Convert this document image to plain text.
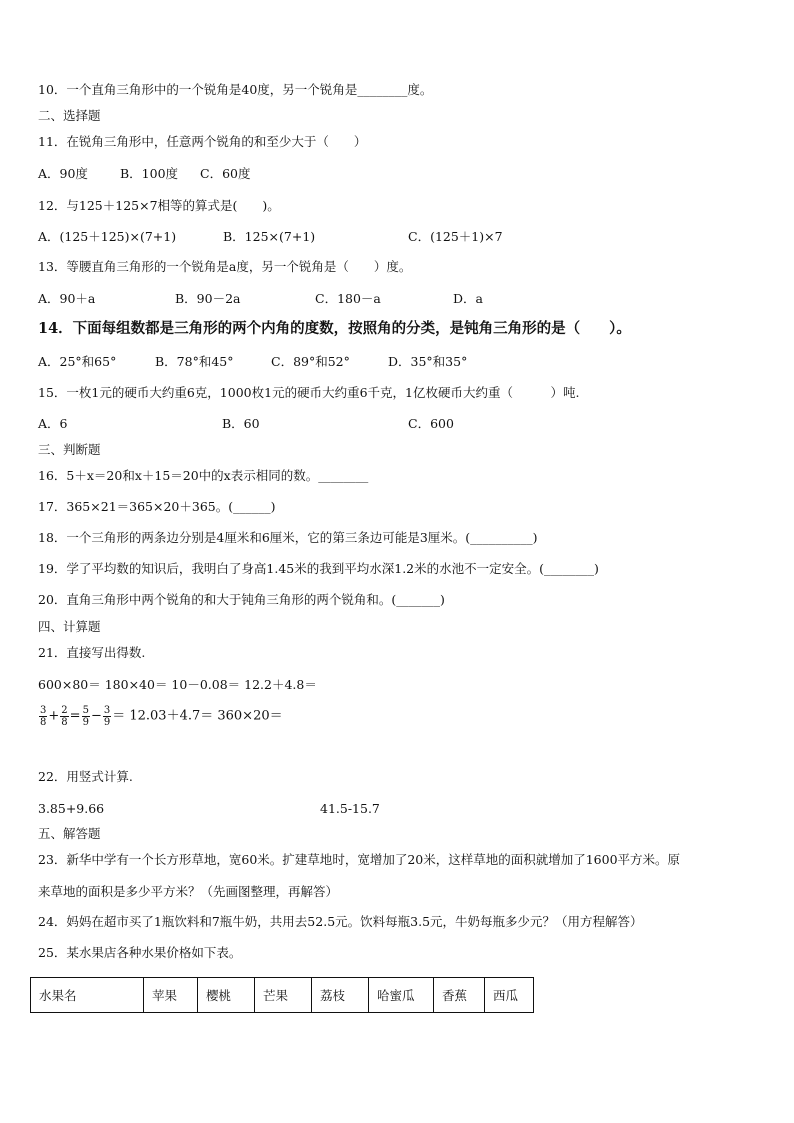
10．一个直角三角形中的一个锐角是40度，另一个锐角是________度。
二、选择题
11．在锐角三角形中，任意两个锐角的和至少大于（　　）
A．90度	B．100度 C．60度
12．与125＋125×7相等的算式是(　　)。
A．(125＋125)×(7+1)	B．125×(7+1)	C．(125＋1)×7
13．等腰直角三角形的一个锐角是a度，另一个锐角是（　　）度。
A．90＋a	B．90－2a	C．180－a	D．a
14．下面每组数都是三角形的两个内角的度数，按照角的分类，是钝角三角形的是（　　）。
A．25°和65°	B．78°和45°	C．89°和52°	D．35°和35°
15．一枚1元的硬币大约重6克，1000枚1元的硬币大约重6千克，1亿枚硬币大约重（　　　）吨.
A．6	B．60	C．600
三、判断题
16．5＋x＝20和x＋15＝20中的x表示相同的数。________
17．365×21＝365×20＋365。(______)
18．一个三角形的两条边分别是4厘米和6厘米，它的第三条边可能是3厘米。(__________)
19．学了平均数的知识后，我明白了身高1.45米的我到平均水深1.2米的水池不一定安全。(________)
20．直角三角形中两个锐角的和大于钝角三角形的两个锐角和。(_______)
四、计算题
21．直接写出得数.
600×80＝ 180×40＝ 10－0.08＝ 12.2＋4.8＝
$\frac{3}{8} + \frac{2}{8} = \frac{5}{9} - \frac{3}{9} = 12.03+4.7= 360\times 20=$
22．用竖式计算.
3.85+9.66	41.5-15.7
五、解答题
23．新华中学有一个长方形草地，宽60米。扩建草地时，宽增加了20米，这样草地的面积就增加了1600平方米。原
来草地的面积是多少平方米？（先画图整理，再解答）
24．妈妈在超市买了1瓶饮料和7瓶牛奶，共用去52.5元。饮料每瓶3.5元，牛奶每瓶多少元？（用方程解答）
25．某水果店各种水果价格如下表。
水果名	苹果	樱桃	芒果	荔枝	哈蜜瓜	香蕉	西瓜
